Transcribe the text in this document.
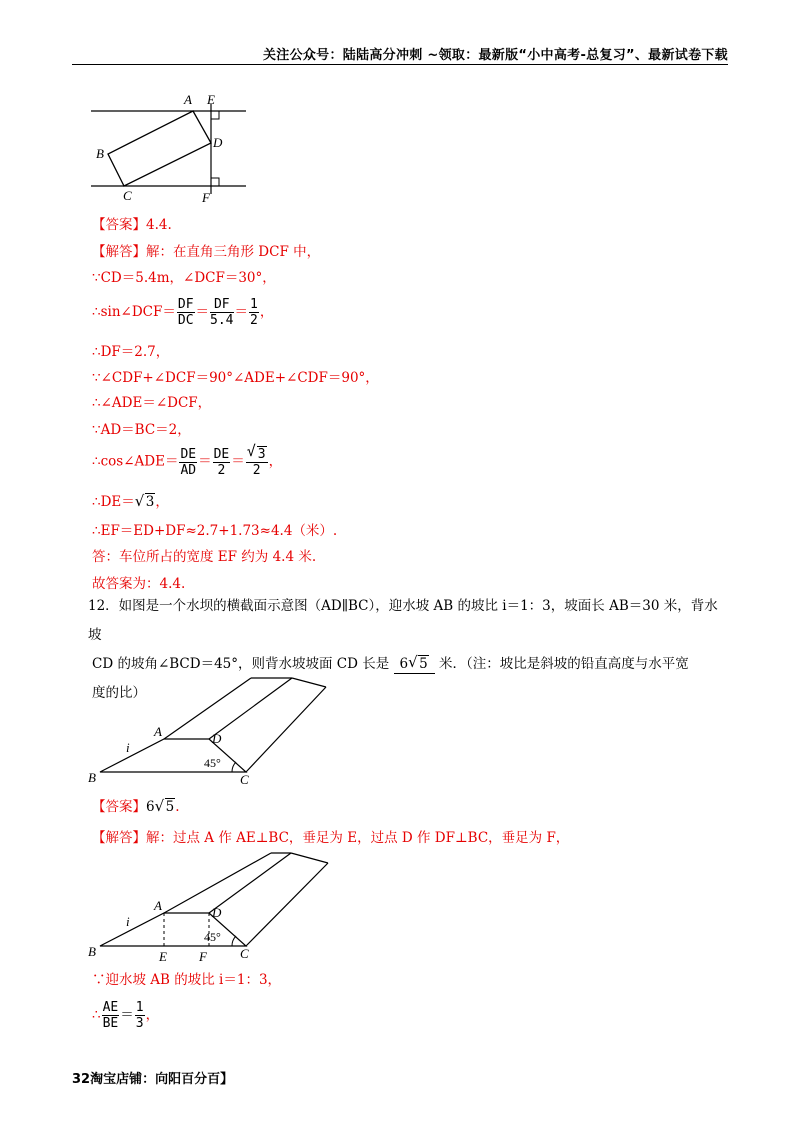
关注公众号：陆陆高分冲刺 ~领取：最新版“小中高考-总复习”、最新试卷下载
A E
B
D
C	F
【答案】4.4.
【解答】解：在直角三角形 DCF 中，
∵CD＝5.4m，∠DCF＝30°，
∴sin∠DCF＝ $\frac{DF}{DC} = \frac{DF}{5.4} = \frac{1}{2}$ ，
∴DF＝2.7，
∵∠CDF+∠DCF＝90°∠ADE+∠CDF＝90°，
∴∠ADE＝∠DCF，
∵AD＝BC＝2，
∴cos∠ADE＝ $\frac{DE}{AD} = \frac{DE}{2}$ ＝ √ $\frac{3}{2}$ ，
∴DE＝ √ 3，
∴EF＝ED+DF≈2.7+1.73≈4.4（米）.
答：车位所占的宽度 EF 约为 4.4 米.
故答案为：4.4.
12．如图是一个水坝的横截面示意图（AD∥BC），迎水坡 AB 的坡比 i＝1：3，坡面长 AB＝30 米，背水坡
CD 的坡角∠BCD＝45°，则背水坡坡面 CD 长是 6 √ 5 米．（注：坡比是斜坡的铅直高度与水平宽
度的比）
A	D
i
B
45°
C
【答案】6 √ 5.
【解答】解：过点 A 作 AE⊥BC，垂足为 E，过点 D 作 DF⊥BC，垂足为 F，
A	D
i
B
45°
C
E F
∵迎水坡 AB 的坡比 i＝1：3，
∴ $\frac{AE}{BE} = \frac{1}{3}$ ，
32淘宝店铺：向阳百分百】
